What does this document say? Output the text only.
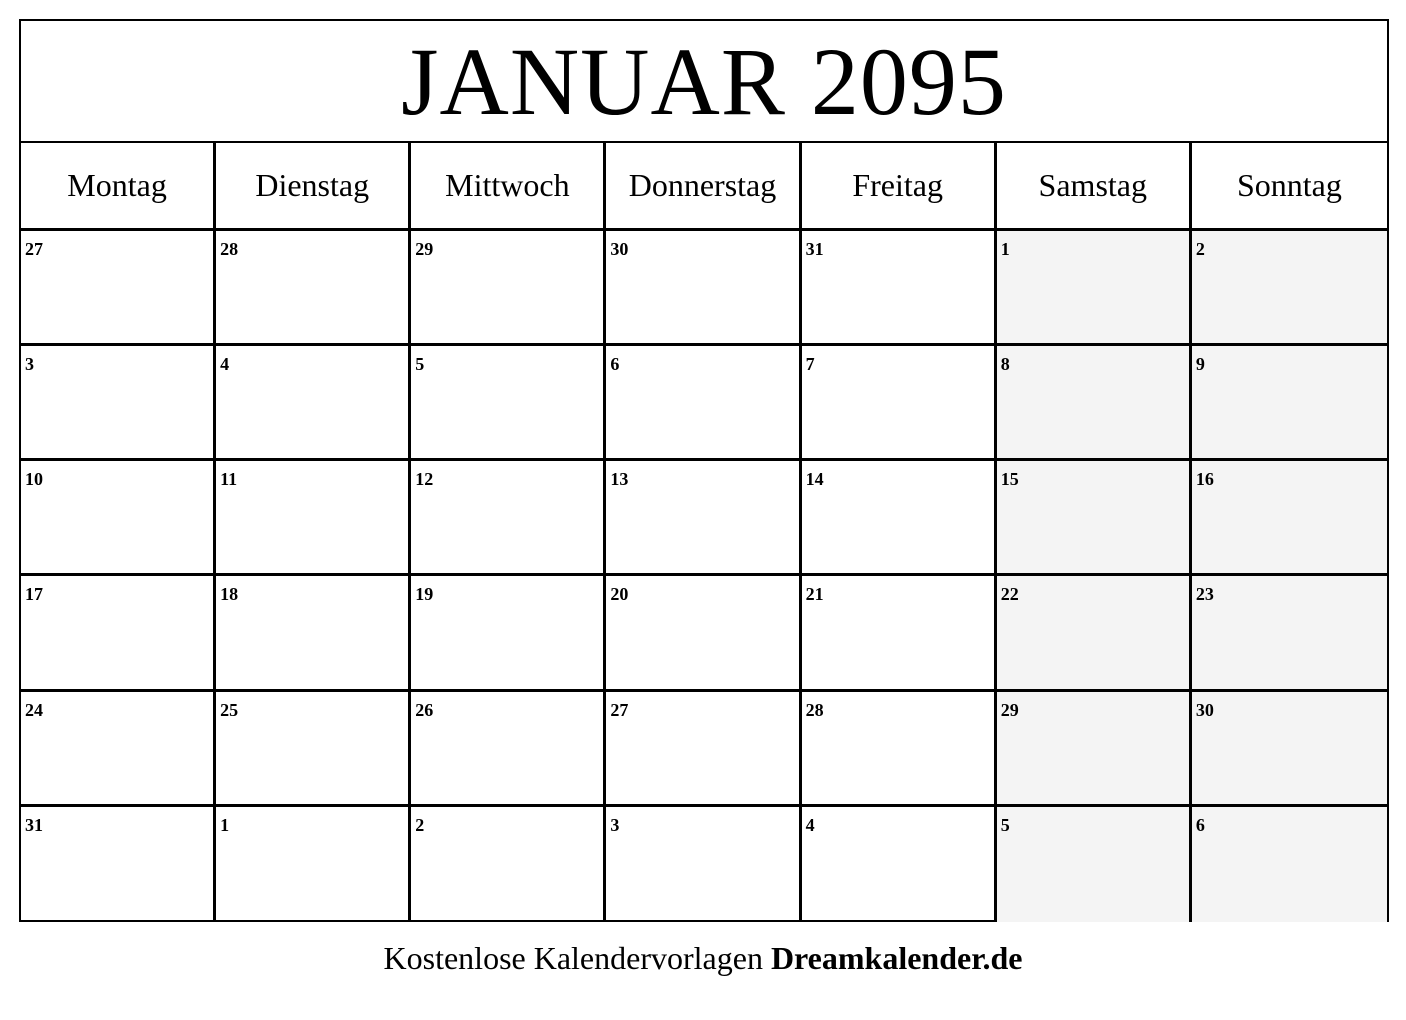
JANUAR 2095
Montag	Dienstag	Mittwoch	Donnerstag	Freitag	Samstag	Sonntag
27	28	29	30	31	1	2
3	4	5	6	7	8	9
10	11	12	13	14	15	16
17	18	19	20	21	22	23
24	25	26	27	28	29	30
31	1	2	3	4	5	6
Kostenlose Kalendervorlagen Dreamkalender.de
